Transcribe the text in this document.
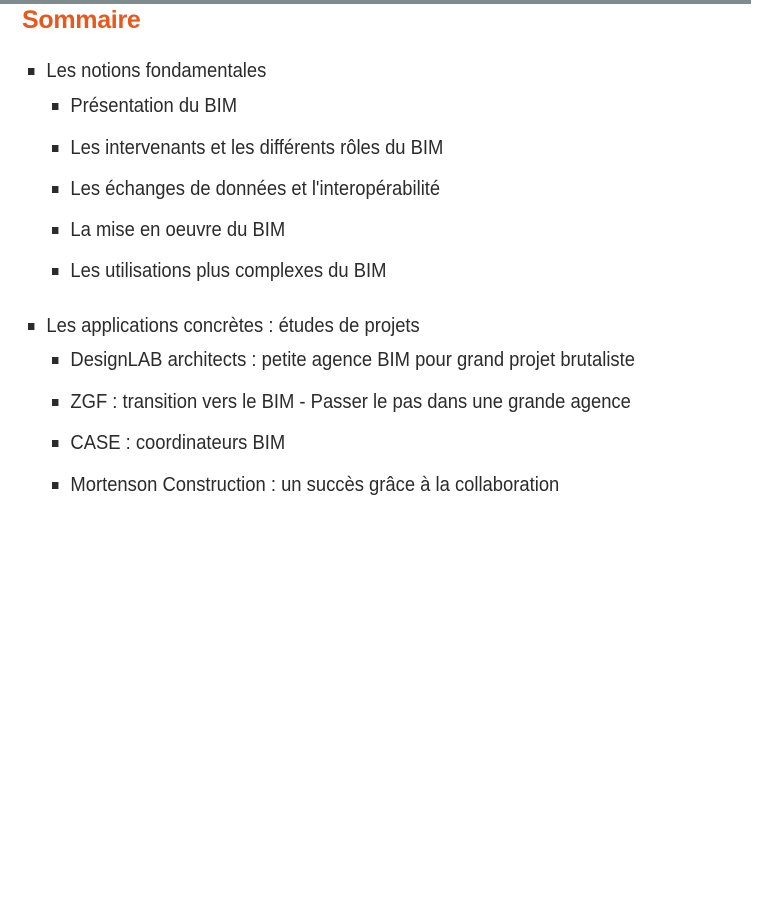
Sommaire
Les notions fondamentales
Présentation du BIM
Les intervenants et les différents rôles du BIM
Les échanges de données et l'interopérabilité
La mise en oeuvre du BIM
Les utilisations plus complexes du BIM
Les applications concrètes : études de projets
DesignLAB architects : petite agence BIM pour grand projet brutaliste
ZGF : transition vers le BIM - Passer le pas dans une grande agence
CASE : coordinateurs BIM
Mortenson Construction : un succès grâce à la collaboration
